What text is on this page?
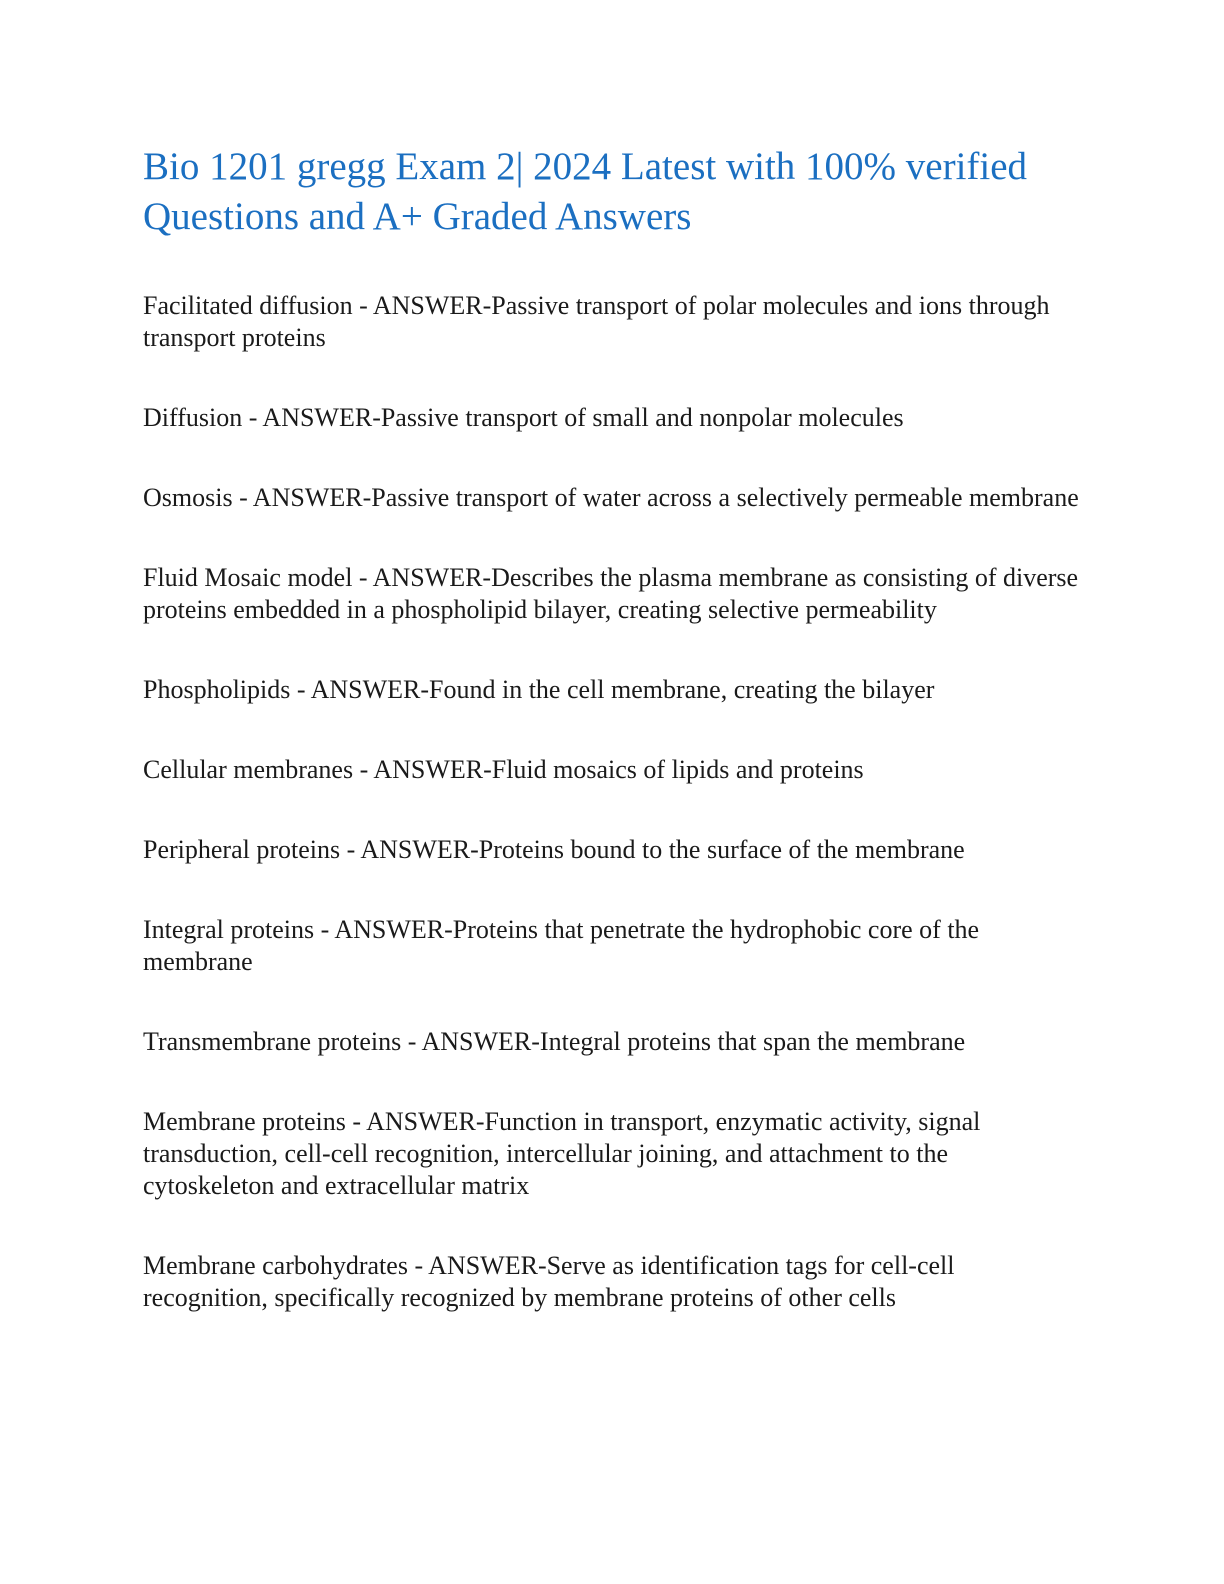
Bio 1201 gregg Exam 2| 2024 Latest with 100% verified Questions and A+ Graded Answers

Facilitated diffusion - ANSWER-Passive transport of polar molecules and ions through transport proteins

Diffusion - ANSWER-Passive transport of small and nonpolar molecules

Osmosis - ANSWER-Passive transport of water across a selectively permeable membrane

Fluid Mosaic model - ANSWER-Describes the plasma membrane as consisting of diverse proteins embedded in a phospholipid bilayer, creating selective permeability

Phospholipids - ANSWER-Found in the cell membrane, creating the bilayer

Cellular membranes - ANSWER-Fluid mosaics of lipids and proteins

Peripheral proteins - ANSWER-Proteins bound to the surface of the membrane

Integral proteins - ANSWER-Proteins that penetrate the hydrophobic core of the membrane

Transmembrane proteins - ANSWER-Integral proteins that span the membrane

Membrane proteins - ANSWER-Function in transport, enzymatic activity, signal transduction, cell-cell recognition, intercellular joining, and attachment to the cytoskeleton and extracellular matrix

Membrane carbohydrates - ANSWER-Serve as identification tags for cell-cell recognition, specifically recognized by membrane proteins of other cells
